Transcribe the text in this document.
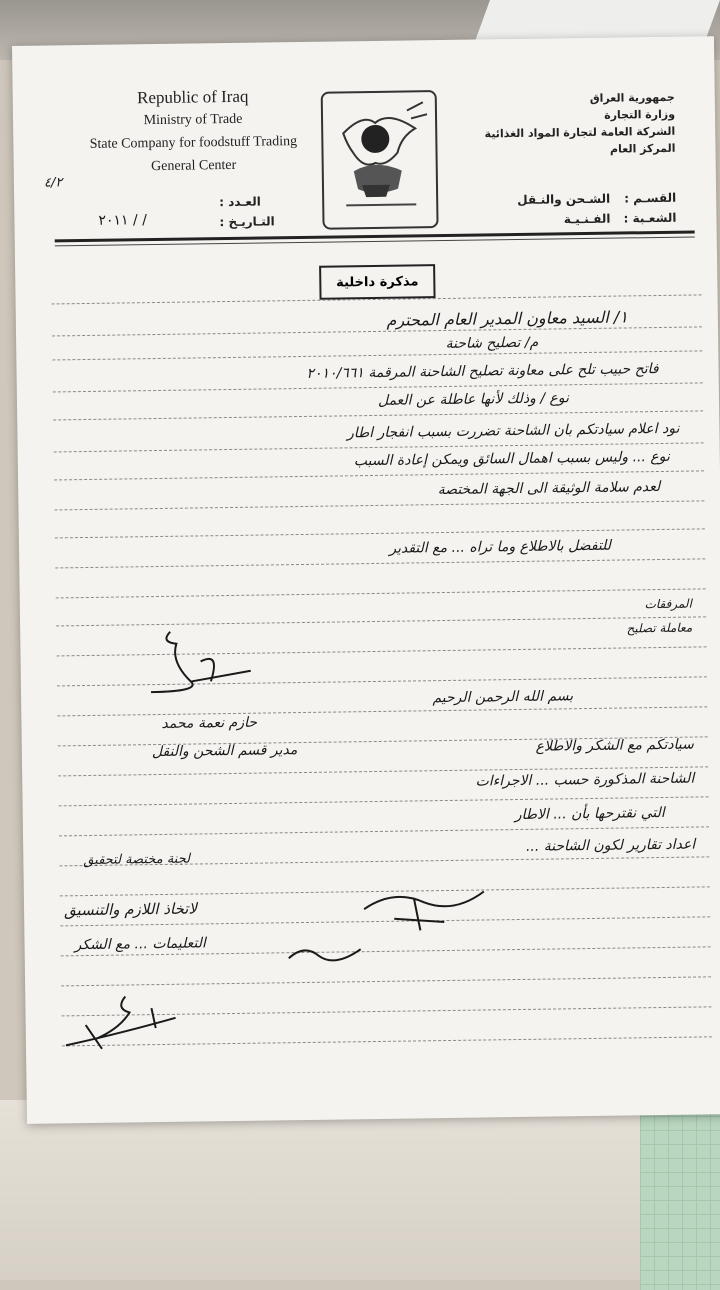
Republic of Iraq
Ministry of Trade
State Company for foodstuff Trading
General Center
جمهورية العراق
وزارة التجارة
الشركة العامة لتجارة المواد الغذائية
المركز العام
العـدد :
التـاريـخ :
/ / ٢٠١١
٤/٢
القسـم :
الشـحن والنـقل
الشعـبة :
الفـنـيـة
مذكرة داخلية
١/ السيد معاون المدير العام المحترم
م/ تصليح شاحنة
فاتح حبيب تلح على معاونة تصليح الشاحنة المرقمة ٢٠١٠/٦٦١
نوع / وذلك لأنها عاطلة عن العمل
نود اعلام سيادتكم بان الشاحنة تضررت بسبب انفجار اطار
نوع ... وليس بسبب اهمال السائق ويمكن إعادة السبب
لعدم سلامة الوثيقة الى الجهة المختصة
للتفضل بالاطلاع وما تراه ... مع التقدير
المرفقات
معاملة تصليح
حازم نعمة محمد
مدير قسم الشحن والنقل
بسم الله الرحمن الرحيم
سيادتكم مع الشكر والاطلاع
الشاحنة المذكورة حسب ... الاجراءات
التي نقترحها بأن ... الاطار
اعداد تقارير لكون الشاحنة ...
لجنة مختصة لتحقيق
لاتخاذ اللازم والتنسيق
التعليمات ... مع الشكر
